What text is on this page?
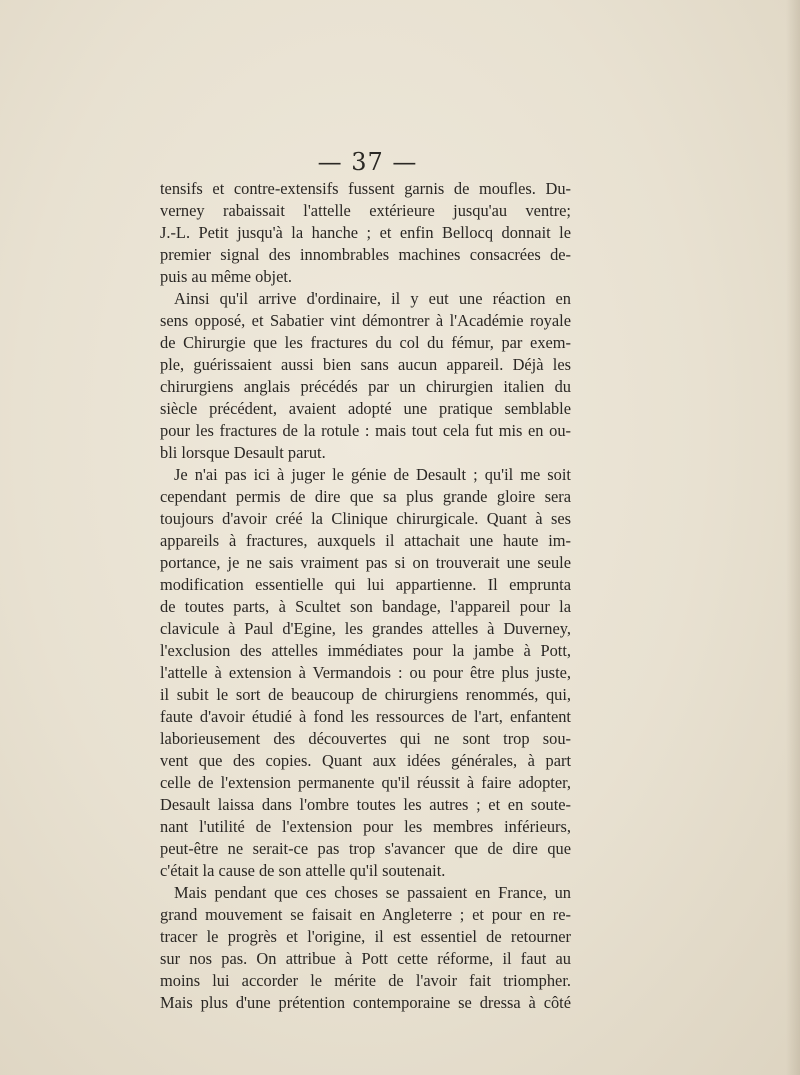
— 37 —
tensifs et contre-extensifs fussent garnis de moufles. Du-
verney rabaissait l'attelle extérieure jusqu'au ventre;
J.-L. Petit jusqu'à la hanche ; et enfin Bellocq donnait le
premier signal des innombrables machines consacrées de-
puis au même objet.
Ainsi qu'il arrive d'ordinaire, il y eut une réaction en
sens opposé, et Sabatier vint démontrer à l'Académie royale
de Chirurgie que les fractures du col du fémur, par exem-
ple, guérissaient aussi bien sans aucun appareil. Déjà les
chirurgiens anglais précédés par un chirurgien italien du
siècle précédent, avaient adopté une pratique semblable
pour les fractures de la rotule : mais tout cela fut mis en ou-
bli lorsque Desault parut.
Je n'ai pas ici à juger le génie de Desault ; qu'il me soit
cependant permis de dire que sa plus grande gloire sera
toujours d'avoir créé la Clinique chirurgicale. Quant à ses
appareils à fractures, auxquels il attachait une haute im-
portance, je ne sais vraiment pas si on trouverait une seule
modification essentielle qui lui appartienne. Il emprunta
de toutes parts, à Scultet son bandage, l'appareil pour la
clavicule à Paul d'Egine, les grandes attelles à Duverney,
l'exclusion des attelles immédiates pour la jambe à Pott,
l'attelle à extension à Vermandois : ou pour être plus juste,
il subit le sort de beaucoup de chirurgiens renommés, qui,
faute d'avoir étudié à fond les ressources de l'art, enfantent
laborieusement des découvertes qui ne sont trop sou-
vent que des copies. Quant aux idées générales, à part
celle de l'extension permanente qu'il réussit à faire adopter,
Desault laissa dans l'ombre toutes les autres ; et en soute-
nant l'utilité de l'extension pour les membres inférieurs,
peut-être ne serait-ce pas trop s'avancer que de dire que
c'était la cause de son attelle qu'il soutenait.
Mais pendant que ces choses se passaient en France, un
grand mouvement se faisait en Angleterre ; et pour en re-
tracer le progrès et l'origine, il est essentiel de retourner
sur nos pas. On attribue à Pott cette réforme, il faut au
moins lui accorder le mérite de l'avoir fait triompher.
Mais plus d'une prétention contemporaine se dressa à côté
